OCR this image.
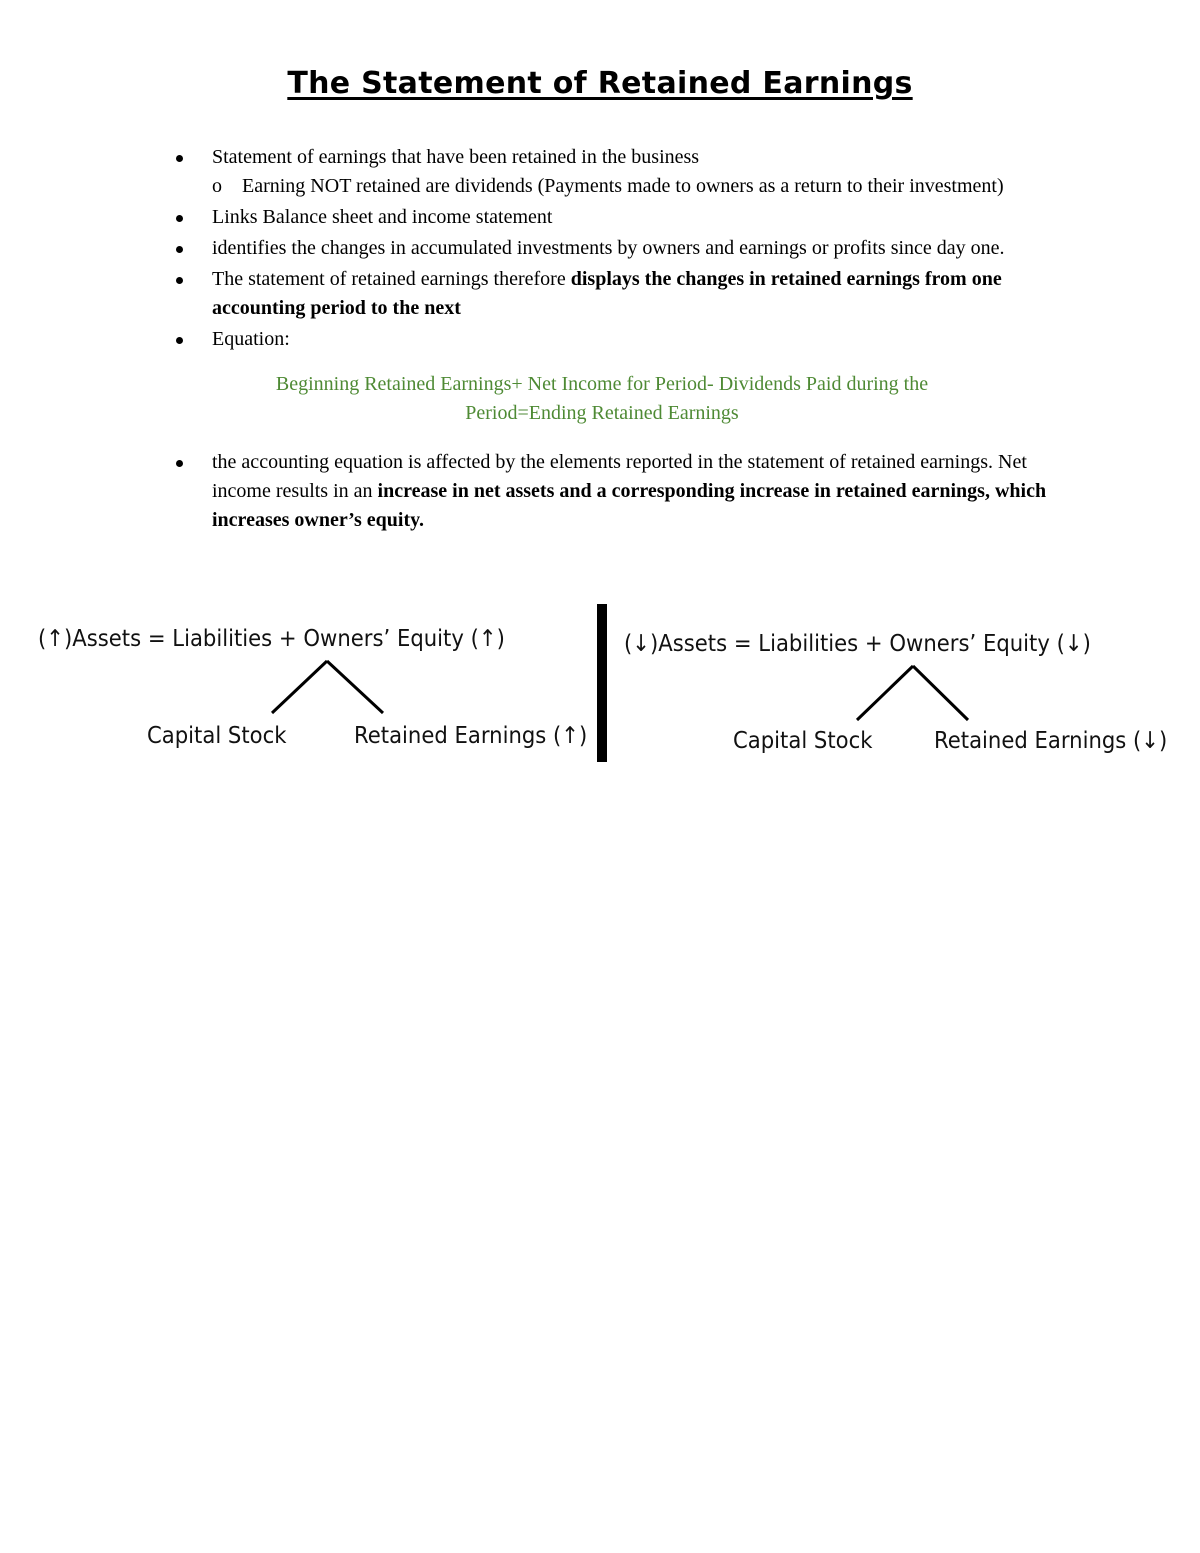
The Statement of Retained Earnings
Statement of earnings that have been retained in the business
o Earning NOT retained are dividends (Payments made to owners as a return to their investment)
Links Balance sheet and income statement
identifies the changes in accumulated investments by owners and earnings or profits since day one.
The statement of retained earnings therefore displays the changes in retained earnings from one accounting period to the next
Equation:
Beginning Retained Earnings+ Net Income for Period- Dividends Paid during the
Period=Ending Retained Earnings
the accounting equation is affected by the elements reported in the statement of retained earnings. Net income results in an increase in net assets and a corresponding increase in retained earnings, which increases owner’s equity.
(↑)Assets = Liabilities + Owners’ Equity (↑)
Capital Stock	Retained Earnings (↑)
(↓)Assets = Liabilities + Owners’ Equity (↓)
Capital Stock	Retained Earnings (↓)
